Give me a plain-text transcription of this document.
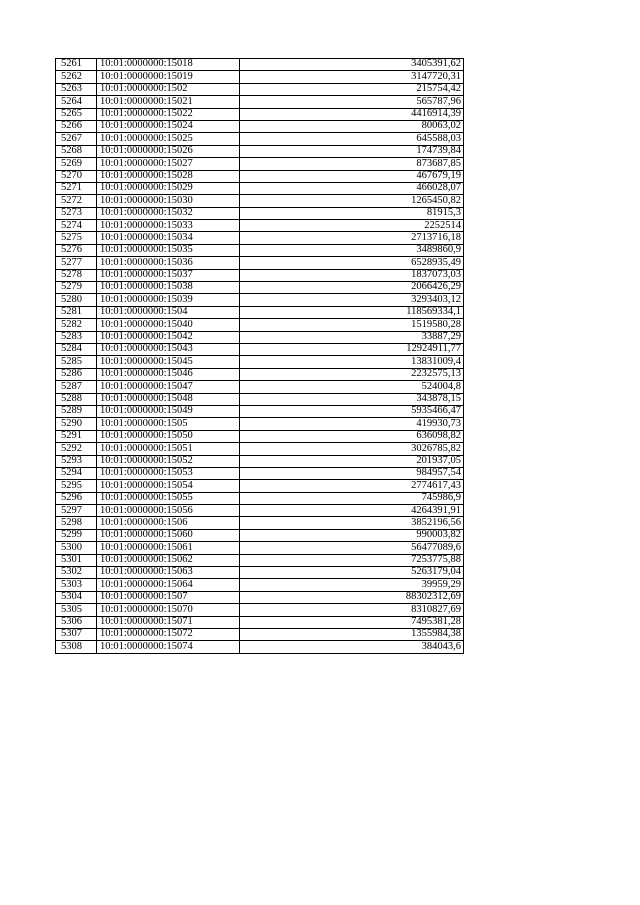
5261	10:01:0000000:15018	3405391,62
5262	10:01:0000000:15019	3147720,31
5263	10:01:0000000:1502	215754,42
5264	10:01:0000000:15021	565787,96
5265	10:01:0000000:15022	4416914,39
5266	10:01:0000000:15024	80063,02
5267	10:01:0000000:15025	645588,03
5268	10:01:0000000:15026	174739,84
5269	10:01:0000000:15027	873687,85
5270	10:01:0000000:15028	467679,19
5271	10:01:0000000:15029	466028,07
5272	10:01:0000000:15030	1265450,82
5273	10:01:0000000:15032	81915,3
5274	10:01:0000000:15033	2252514
5275	10:01:0000000:15034	2713716,18
5276	10:01:0000000:15035	3489860,9
5277	10:01:0000000:15036	6528935,49
5278	10:01:0000000:15037	1837073,03
5279	10:01:0000000:15038	2066426,29
5280	10:01:0000000:15039	3293403,12
5281	10:01:0000000:1504	118569334,1
5282	10:01:0000000:15040	1519580,28
5283	10:01:0000000:15042	33887,29
5284	10:01:0000000:15043	12924911,77
5285	10:01:0000000:15045	13831009,4
5286	10:01:0000000:15046	2232575,13
5287	10:01:0000000:15047	524004,8
5288	10:01:0000000:15048	343878,15
5289	10:01:0000000:15049	5935466,47
5290	10:01:0000000:1505	419930,73
5291	10:01:0000000:15050	636098,82
5292	10:01:0000000:15051	3026785,82
5293	10:01:0000000:15052	201937,05
5294	10:01:0000000:15053	984957,54
5295	10:01:0000000:15054	2774617,43
5296	10:01:0000000:15055	745986,9
5297	10:01:0000000:15056	4264391,91
5298	10:01:0000000:1506	3852196,56
5299	10:01:0000000:15060	990003,82
5300	10:01:0000000:15061	56477089,6
5301	10:01:0000000:15062	7253775,88
5302	10:01:0000000:15063	5263179,04
5303	10:01:0000000:15064	39959,29
5304	10:01:0000000:1507	88302312,69
5305	10:01:0000000:15070	8310827,69
5306	10:01:0000000:15071	7495381,28
5307	10:01:0000000:15072	1355984,38
5308	10:01:0000000:15074	384043,6
